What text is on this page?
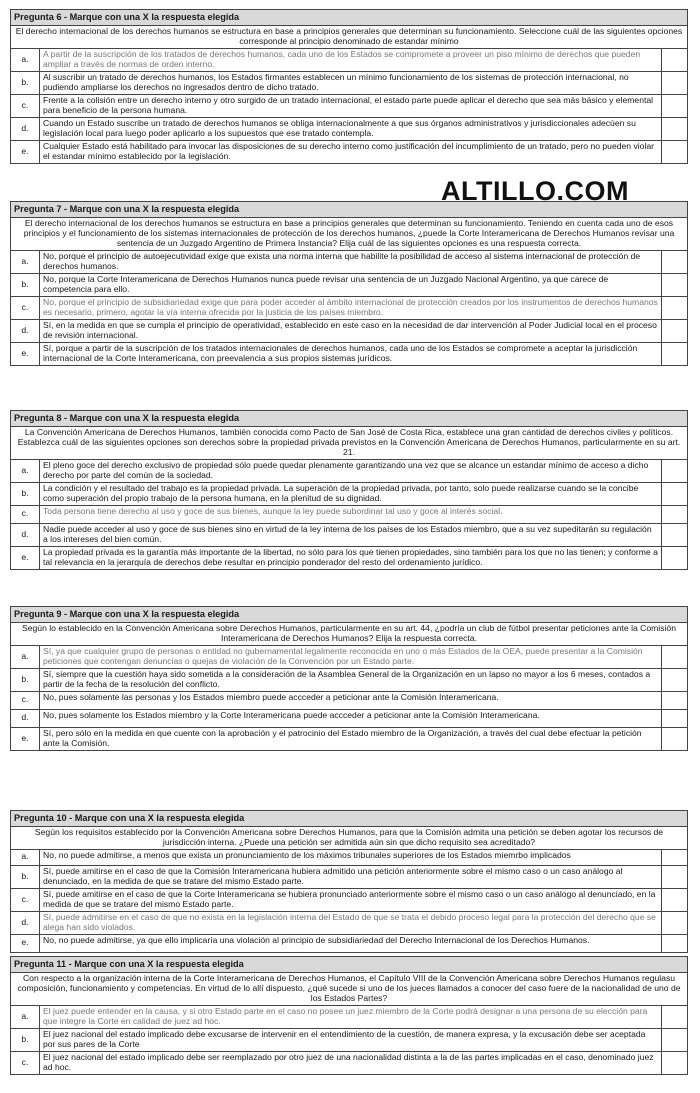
Pregunta 6 - Marque con una X la respuesta elegida
El derecho internacional de los derechos humanos se estructura en base a principios generales que determinan su funcionamiento. Seleccione cuál de las siguientes opciones corresponde al principio denominado de estandar mínimo
a.
A partir de la suscripción de los tratados de derechos humanos, cada uno de los Estados se compromete a proveer un piso mínimo de derechos que pueden ampliar a través de normas de orden interno.
b.
Al suscribir un tratado de derechos humanos, los Estados firmantes establecen un mínimo funcionamiento de los sistemas de protección internacional, no pudiendo ampliarse los derechos no ingresados dentro de dicho tratado.
c.
Frente a la colisión entre un derecho interno y otro surgido de un tratado internacional, el estado parte puede aplicar el derecho que sea más básico y elemental para beneficio de la persona humana.
d.
Cuando un Estado suscribe un tratado de derechos humanos se obliga internacionalmente a que sus órganos administrativos y jurisdiccionales adecúen su legislación local para luego poder aplicarlo a los supuestos que ese tratado contempla.
e.
Cualquier Estado está habilitado para invocar las disposiciones de su derecho interno como justificación del incumplimiento de un tratado, pero no pueden violar el estandar mínimo establecido por la legislación.
Pregunta 7 - Marque con una X la respuesta elegida
El derecho internacional de los derechos humanos se estructura en base a principios generales que determinan su funcionamiento. Teniendo en cuenta cada uno de esos principios y el funcionamiento de los sistemas internacionales de protección de los derechos humanos, ¿puede la Corte Interamericana de Derechos Humanos revisar una sentencia de un Juzgado Argentino de Primera Instancia? Elija cuál de las siguientes opciones es una respuesta correcta.
a.
No, porque el principio de autoejecutividad exige que exista una norma interna que habilite la posibilidad de acceso al sistema internacional de protección de derechos humanos.
b.
No, porque la Corte Interamericana de Derechos Humanos nunca puede revisar una sentencia de un Juzgado Nacional Argentino, ya que carece de competencia para ello.
c.
No, porque el principio de subsidiariedad exige que para poder acceder al ámbito internacional de protección creados por los instrumentos de derechos humanos es necesario, primero, agotar la vía interna ofrecida por la justicia de los países miembro.
d.
Sí, en la medida en que se cumpla el principio de operatividad, establecido en este caso en la necesidad de dar intervención al Poder Judicial local en el proceso de revisión internacional.
e.
Sí, porque a partir de la suscripción de los tratados internacionales de derechos humanos, cada uno de los Estados se compromete a aceptar la jurisdicción internacional de la Corte Interamericana, con preevalencia a sus propios sistemas jurídicos.
Pregunta 8 - Marque con una X la respuesta elegida
La Convención Americana de Derechos Humanos, también conocida como Pacto de San José de Costa Rica, establece una gran cantidad de derechos civiles y políticos. Establezca cuál de las siguientes opciones son derechos sobre la propiedad privada previstos en la Convención Americana de Derechos Humanos, particularmente en su art. 21.
a.
El pleno goce del derecho exclusivo de propiedad sólo puede quedar plenamente garantizando una vez que se alcance un estandar mínimo de acceso a dicho derecho por parte del común de la sociedad.
b.
La condición y el resultado del trabajo es la propiedad privada. La superación de la propiedad privada, por tanto, solo puede realizarse cuando se la concibe como superación del propio trabajo de la persona humana, en la plenitud de su dignidad.
c.	Toda persona tiene derecho al uso y goce de sus bienes, aunque la ley puede subordinar tal uso y goce al interés social.
d.
Nadie puede acceder al uso y goce de sus bienes sino en virtud de la ley interna de los países de los Estados miembro, que a su vez supeditarán su regulación a los intereses del bien común.
e.
La propiedad privada es la garantía más importante de la libertad, no sólo para los que tienen propiedades, sino también para los que no las tienen; y conforme a tal relevancia en la jerarquía de derechos debe resultar en principio ponderador del resto del ordenamiento jurídico.
Pregunta 9 - Marque con una X la respuesta elegida
Según lo establecido en la Convención Americana sobre Derechos Humanos, particularmente en su art. 44, ¿podría un club de fútbol presentar peticiones ante la Comisión Interamericana de Derechos Humanos? Elija la respuesta correcta.
a.
Sí, ya que cualquier grupo de personas o entidad no gubernamental legalmente reconocida en uno o más Estados de la OEA, puede presentar a la Comisión peticiones que contengan denuncias o quejas de violación de la Convención por un Estado parte.
b.
Sí, siempre que la cuestión haya sido sometida a la consideración de la Asamblea General de la Organización en un lapso no mayor a los 6 meses, contados a partir de la fecha de la resolución del conflicto.
c.	No, pues solamente las personas y los Estados miembro puede accceder a peticionar ante la Comisión Interamericana.
d.	No, pues solamente los Estados miembro y la Corte Interamericana puede accceder a peticionar ante la Comisión Interamericana.
e.
Sí, pero sólo en la medida en que cuente con la aprobación y el patrocinio del Estado miembro de la Organización, a través del cual debe efectuar la petición ante la Comisión.
Pregunta 10 - Marque con una X la respuesta elegida
Según los requisitos establecido por la Convención Americana sobre Derechos Humanos, para que la Comisión admita una petición se deben agotar los recursos de jurisdicción interna. ¿Puede una petición ser admitida aún sin que dicho requisito sea acreditado?
a.	No, no puede admitirse, a menos que exista un pronunciamiento de los máximos tribunales superiores de los Estados miemrbo implicados
b.
Sí, puede amitirse en el caso de que la Comisión Interamericana hubiera admitido una petición anteriormente sobre el mismo caso o un caso análogo al denunciado, en la medida de que se tratare del mismo Estado parte.
c.
Sí, puede amitirse en el caso de que la Corte Interamericana se hubiera pronunciado anteriormente sobre el mismo caso o un caso análogo al denunciado, en la medida de que se tratare del mismo Estado parte.
d.
Sí, puede admitirse en el caso de que no exista en la legislación interna del Estado de que se trata el debido proceso legal para la protección del derecho que se alega han sido violados.
e.	No, no puede admitirse, ya que ello implicaría una violación al principio de subsidiariedad del Derecho Internacional de los Derechos Humanos.
Pregunta 11 - Marque con una X la respuesta elegida
Con respecto a la organización interna de la Corte Interamericana de Derechos Humanos, el Capítulo VIII de la Convención Americana sobre Derechos Humanos regulasu composición, funcionamiento y competencias. En virtud de lo allí dispuesto, ¿qué sucede si uno de los jueces llamados a conocer del caso fuere de la nacionalidad de uno de los Estados Partes?
a.
El juez puede entender en la causa, y si otro Estado parte en el caso no posee un juez miembro de la Corte podrá designar a una persona de su elección para que integre la Corte en calidad de juez ad hoc.
b.
El juez nacional del estado implicado debe excusarse de intervenir en el entendimiento de la cuestión, de manera expresa, y la excusación debe ser aceptada por sus pares de la Corte
c.
El juez nacional del estado implicado debe ser reemplazado por otro juez de una nacionalidad distinta a la de las partes implicadas en el caso, denominado juez ad hoc.
ALTILLO.COM
